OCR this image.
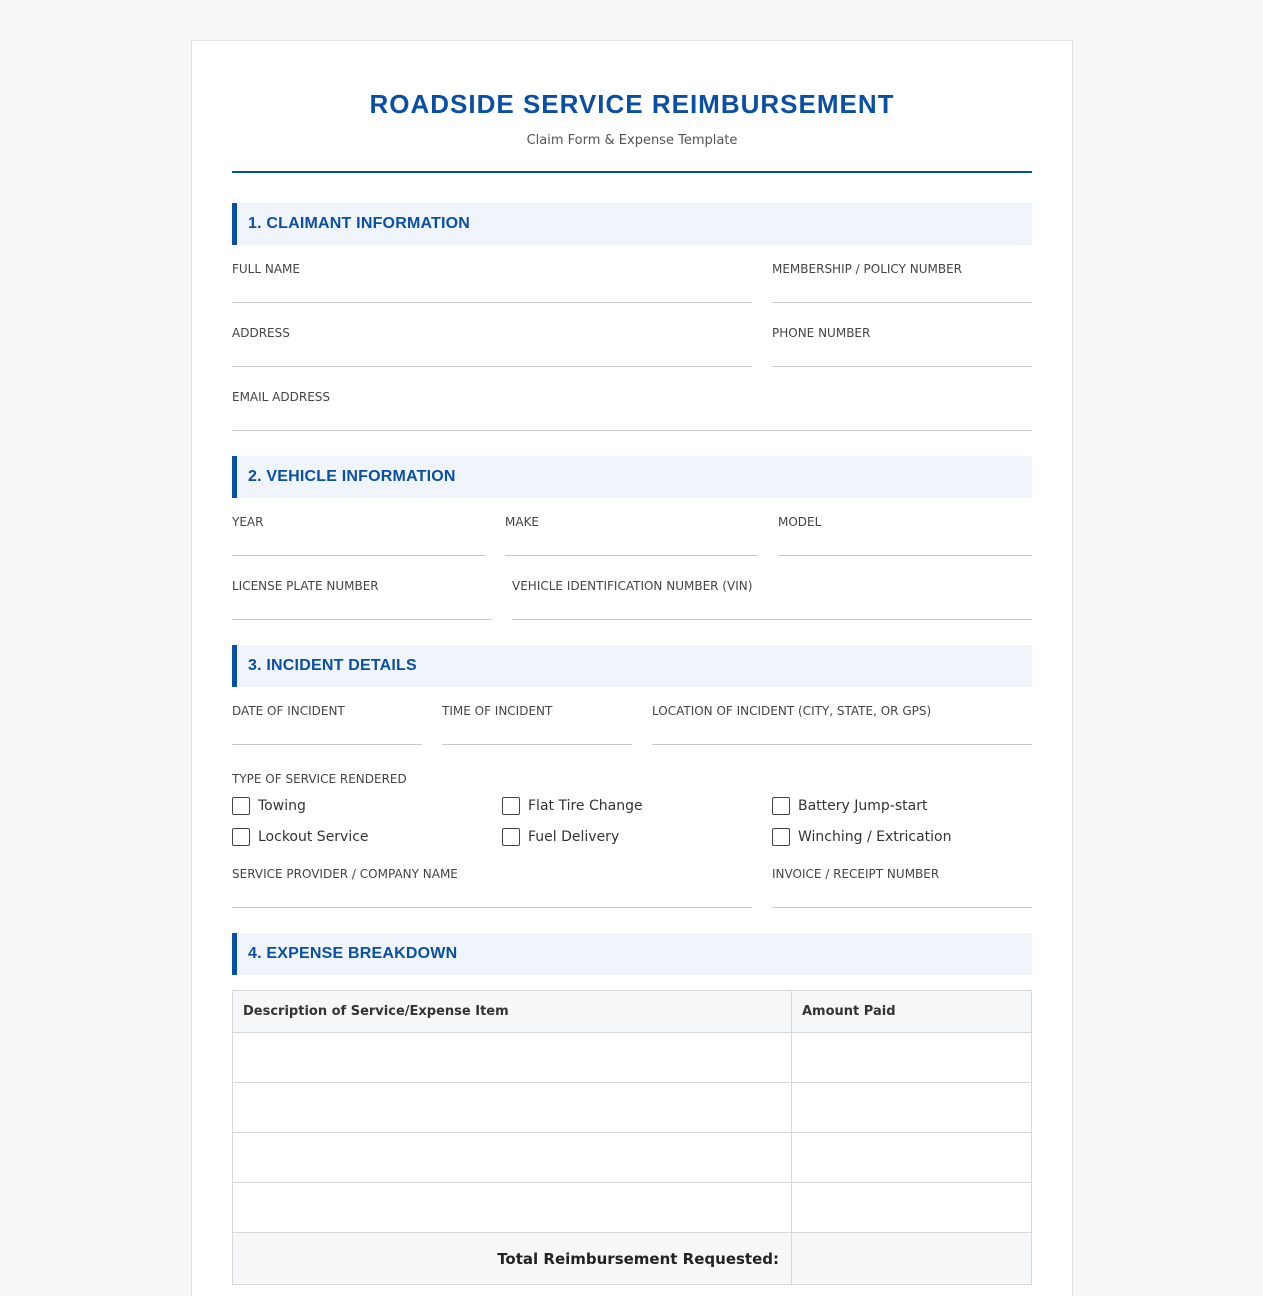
ROADSIDE SERVICE REIMBURSEMENT
Claim Form & Expense Template
1. CLAIMANT INFORMATION
FULL NAME	MEMBERSHIP / POLICY NUMBER
ADDRESS	PHONE NUMBER
EMAIL ADDRESS
2. VEHICLE INFORMATION
YEAR	MAKE	MODEL
LICENSE PLATE NUMBER	VEHICLE IDENTIFICATION NUMBER (VIN)
3. INCIDENT DETAILS
DATE OF INCIDENT	TIME OF INCIDENT	LOCATION OF INCIDENT (CITY, STATE, OR GPS)
TYPE OF SERVICE RENDERED
Towing	Flat Tire Change	Battery Jump-start
Lockout Service	Fuel Delivery	Winching / Extrication
SERVICE PROVIDER / COMPANY NAME	INVOICE / RECEIPT NUMBER
4. EXPENSE BREAKDOWN
Description of Service/Expense Item	Amount Paid

Total Reimbursement Requested:	
